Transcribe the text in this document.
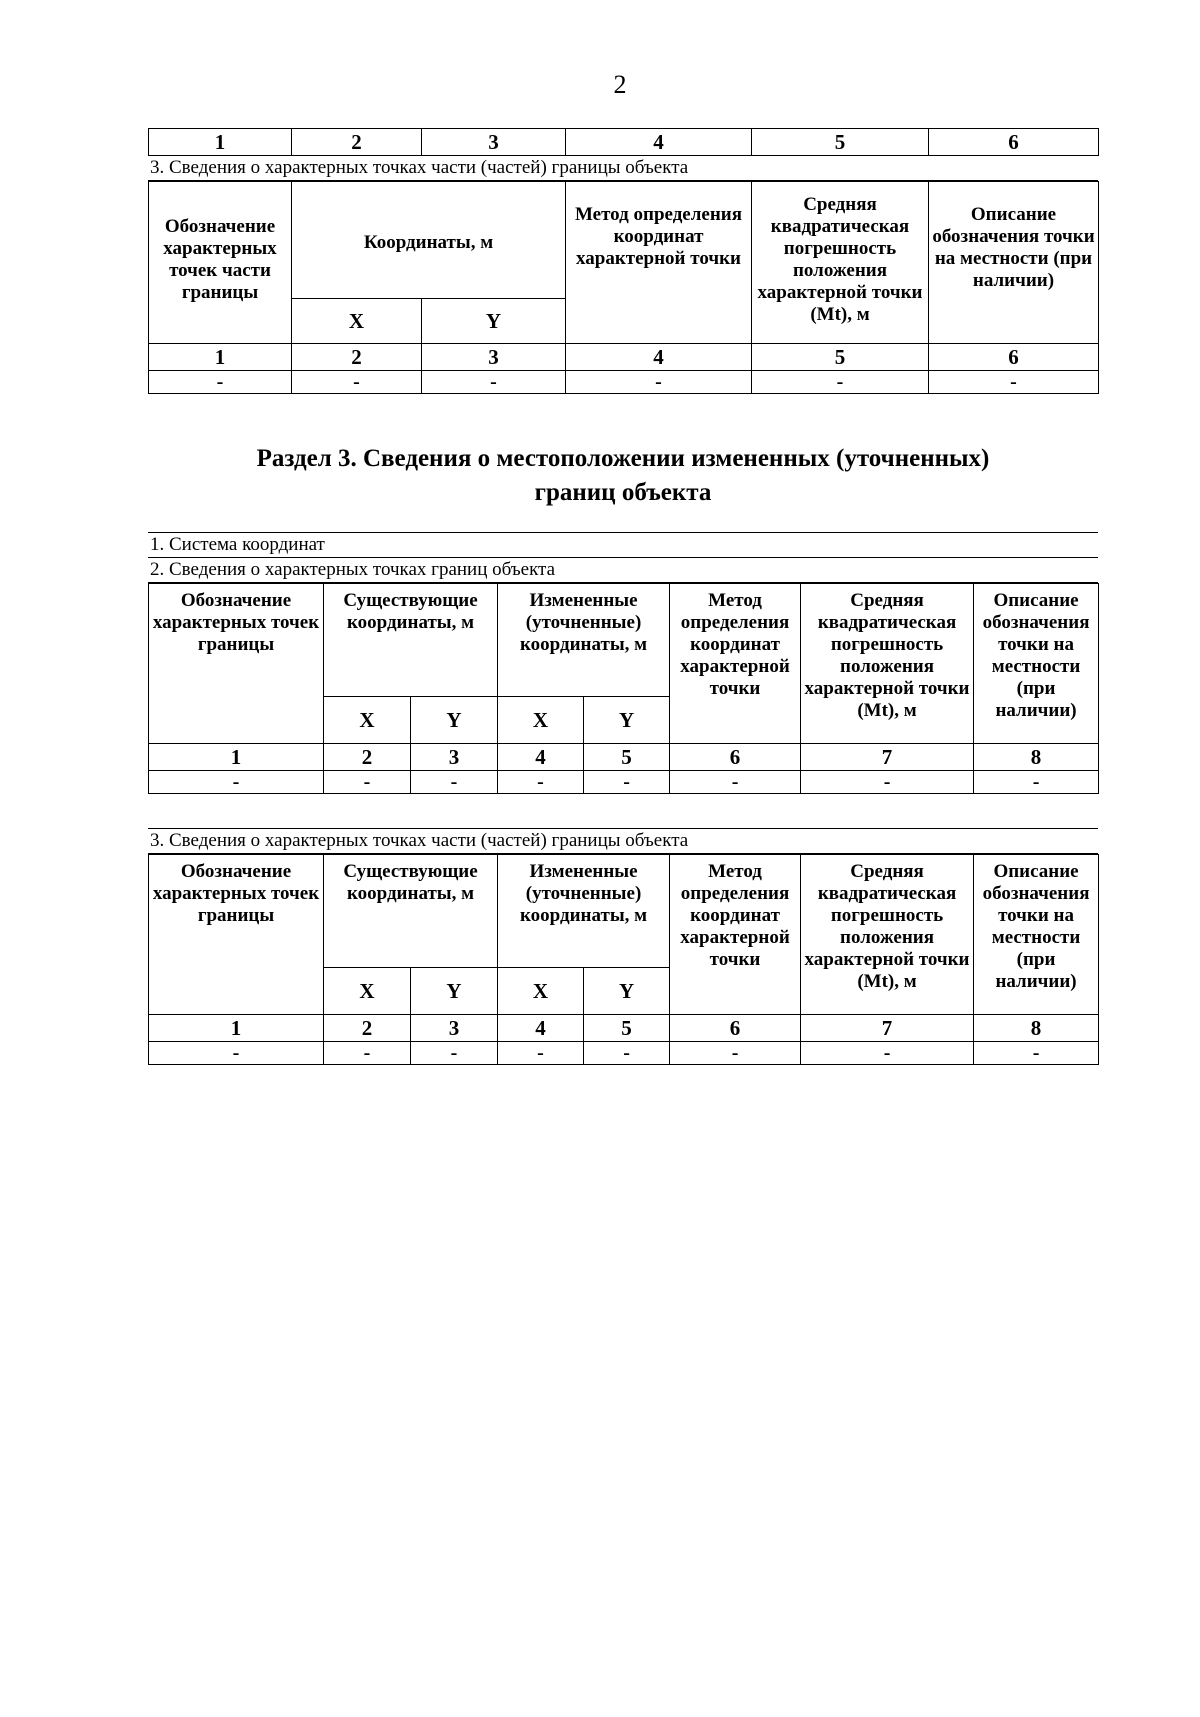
2
1	2	3	4	5	6
3. Сведения о характерных точках части (частей) границы объекта
Обозначение характерных точек части границы	Координаты, м		Метод определения координат характерной точки	Средняя квадратическая погрешность положения характерной точки (Mt), м	Описание обозначения точки на местности (при наличии)
	X	Y			
1	2	3	4	5	6
-	-	-	-	-	-
Раздел 3. Сведения о местоположении измененных (уточненных)
границ объекта
1. Система координат
2. Сведения о характерных точках границ объекта
Обозначение характерных точек границы	Существующие координаты, м		Измененные (уточненные) координаты, м		Метод определения координат характерной точки	Средняя квадратическая погрешность положения характерной точки (Mt), м	Описание обозначения точки на местности (при наличии)
	X	Y	X	Y			
1	2	3	4	5	6	7	8
-	-	-	-	-	-	-	-
3. Сведения о характерных точках части (частей) границы объекта
Обозначение характерных точек границы	Существующие координаты, м		Измененные (уточненные) координаты, м		Метод определения координат характерной точки	Средняя квадратическая погрешность положения характерной точки (Mt), м	Описание обозначения точки на местности (при наличии)
	X	Y	X	Y			
1	2	3	4	5	6	7	8
-	-	-	-	-	-	-	-
